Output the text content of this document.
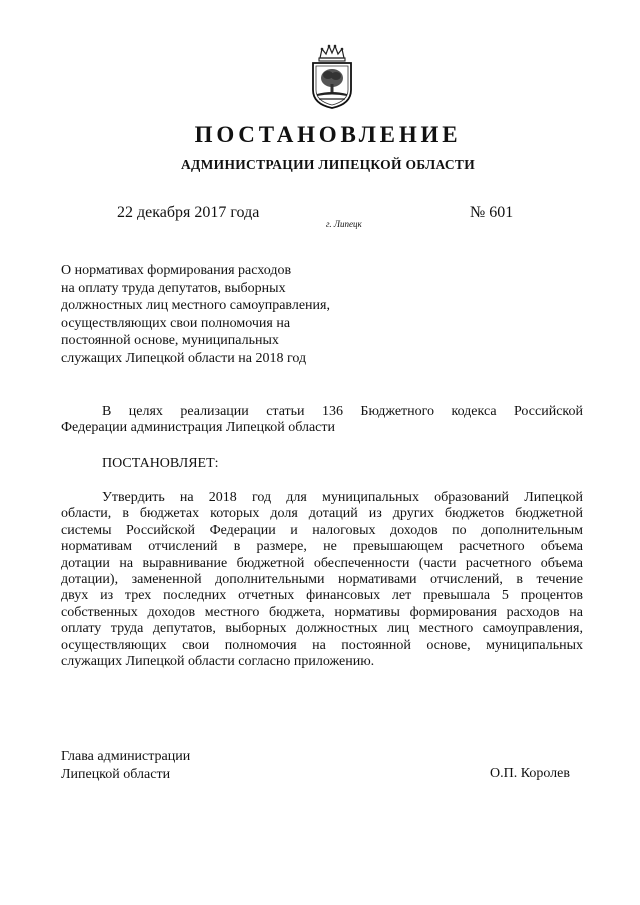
ПОСТАНОВЛЕНИЕ
АДМИНИСТРАЦИИ ЛИПЕЦКОЙ ОБЛАСТИ
22 декабря 2017 года
г. Липецк
№ 601
О нормативах формирования расходов
на оплату труда депутатов, выборных
должностных лиц местного самоуправления,
осуществляющих свои полномочия на
постоянной основе, муниципальных
служащих Липецкой области на 2018 год
В целях реализации статьи 136 Бюджетного кодекса Российской
Федерации администрация Липецкой области
ПОСТАНОВЛЯЕТ:
Утвердить на 2018 год для муниципальных образований Липецкой
области, в бюджетах которых доля дотаций из других бюджетов бюджетной
системы Российской Федерации и налоговых доходов по дополнительным
нормативам отчислений в размере, не превышающем расчетного объема
дотации на выравнивание бюджетной обеспеченности (части расчетного объема
дотации), замененной дополнительными нормативами отчислений, в течение
двух из трех последних отчетных финансовых лет превышала 5 процентов
собственных доходов местного бюджета, нормативы формирования расходов на
оплату труда депутатов, выборных должностных лиц местного самоуправления,
осуществляющих свои полномочия на постоянной основе, муниципальных
служащих Липецкой области согласно приложению.
Глава администрации
Липецкой области	О.П. Королев
